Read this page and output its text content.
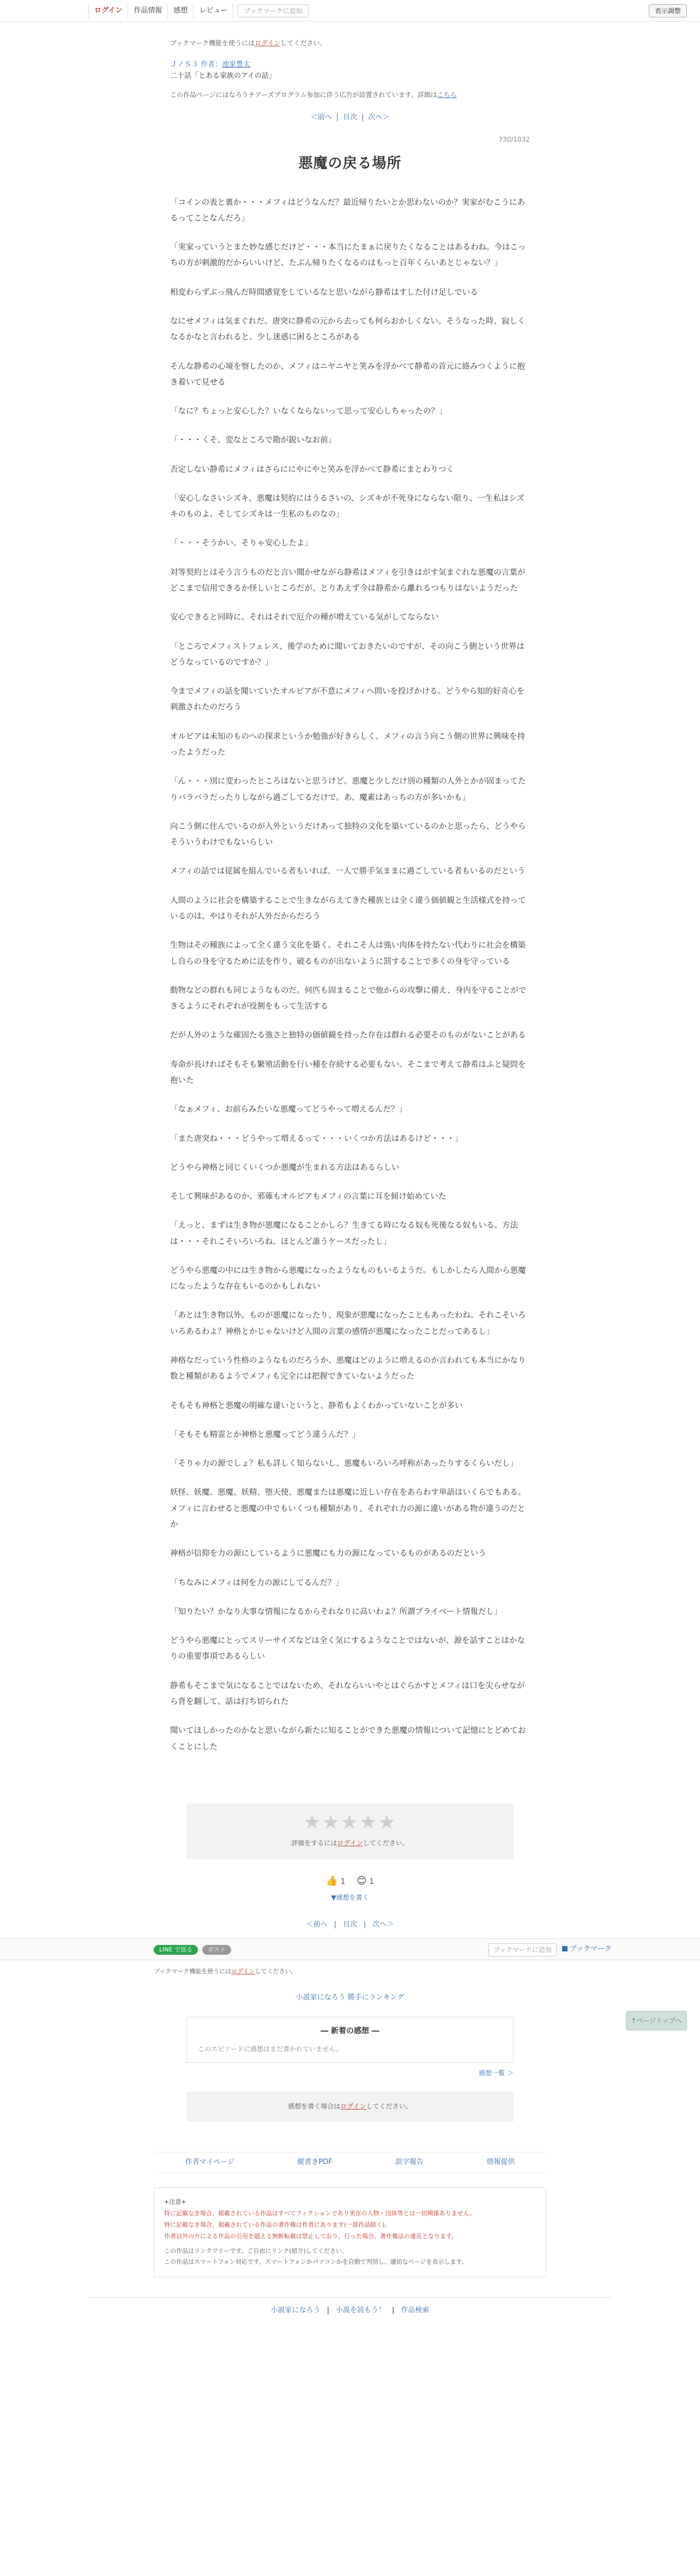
ログイン	作品情報	感想	レビュー	ブックマークに追加	表示調整

ブックマーク機能を使うにはログインしてください。

ＪノＳ３ 作者：池家豊太
二十話「とある家族のアイの話」

この作品ページにはなろうチアーズプログラム参加に伴う広告が設置されています。詳細はこちら

＜前へ | 目次 | 次へ＞
730/1032
悪魔の戻る場所

「コインの表と裏か・・・メフィはどうなんだ？最近帰りたいとか思わないのか？実家がむこうにあるってことなんだろ」

「実家っていうとまた妙な感じだけど・・・本当にたまぁに戻りたくなることはあるわね。今はこっちの方が刺激的だからいいけど、たぶん帰りたくなるのはもっと百年くらいあとじゃない？」

相変わらずぶっ飛んだ時間感覚をしているなと思いながら静希はすした付け足しでいる

なにせメフィは気まぐれだ。唐突に静希の元から去っても何らおかしくない。そうなった時、寂しくなるかなと言われると、少し迷惑に困るところがある

そんな静希の心境を察したのか、メフィはニヤニヤと笑みを浮かべて静希の首元に絡みつくように抱き着いて見せる

「なに？ちょっと安心した？いなくならないって思って安心しちゃったの？」

「・・・くそ、変なところで勘が鋭いなお前」

否定しない静希にメフィはさらににやにやと笑みを浮かべて静希にまとわりつく

「安心しなさいシズキ、悪魔は契約にはうるさいの、シズキが不死身にならない限り、一生私はシズキのものよ、そしてシズキは一生私のものなの」

「・・・そうかい、そりゃ安心したよ」

対等契約とはそう言うものだと言い聞かせながら静希はメフィを引きはがす気まぐれな悪魔の言葉がどこまで信用できるか怪しいところだが、とりあえず今は静希から離れるつもりはないようだった

安心できると同時に、それはそれで厄介の種が増えている気がしてならない

「ところでメフィストフェレス、後学のために聞いておきたいのですが、その向こう側という世界はどうなっているのですか？」

今までメフィの話を聞いていたオルビアが不意にメフィへ問いを投げかける。どうやら知的好奇心を刺激されたのだろう

オルビアは未知のものへの探求というか勉強が好きらしく、メフィの言う向こう側の世界に興味を持ったようだった

「ん・・・別に変わったところはないと思うけど。悪魔と少しだけ別の種類の人外とかが固まってたりバラバラだったりしながら過ごしてるだけで。あ、魔素はあっちの方が多いかも」

向こう側に住んでいるのが人外というだけあって独特の文化を築いているのかと思ったら、どうやらそういうわけでもないらしい

メフィの話では従属を組んでいる者もいれば、一人で勝手気ままに過ごしている者もいるのだという

人間のように社会を構築することで生きながらえてきた種族とは全く違う価値観と生活様式を持っているのは、やはりそれが人外だからだろう

生物はその種族によって全く違う文化を築く。それこそ人は強い肉体を持たない代わりに社会を構築し自らの身を守るために法を作り、破るものが出ないように罰することで多くの身を守っている

動物などの群れも同じようなものだ。何匹も固まることで他からの攻撃に備え、身内を守ることができるようにそれぞれが役割をもって生活する

だが人外のような確固たる強さと独特の価値観を持った存在は群れる必要そのものがないことがある

寿命が長ければそもそも繁殖活動を行い種を存続する必要もない。そこまで考えて静希はふと疑問を抱いた

「なぁメフィ、お前らみたいな悪魔ってどうやって増えるんだ？」

「また唐突ね・・・どうやって増えるって・・・いくつか方法はあるけど・・・」

どうやら神格と同じくいくつか悪魔が生まれる方法はあるらしい

そして興味があるのか、邪薙もオルビアもメフィの言葉に耳を傾け始めていた

「えっと、まずは生き物が悪魔になることかしら？生きてる時になる奴も死後なる奴もいる。方法は・・・それこそいろいろね、ほとんど誰うケースだったし」

どうやら悪魔の中には生き物から悪魔になったようなものもいるようだ。もしかしたら人間から悪魔になったような存在もいるのかもしれない

「あとは生き物以外。ものが悪魔になったり、現象が悪魔になったこともあったわね。それこそいろいろあるわよ？神格とかじゃないけど人間の言葉の感情が悪魔になったことだってあるし」

神格なだっていう性格のようなものだろうか、悪魔はどのように増えるのか言われても本当にかなり数と種類があるようでメフィも完全には把握できていないようだった

そもそも神格と悪魔の明確な違いというと、静希もよくわかっていないことが多い

「そもそも精霊とか神格と悪魔ってどう違うんだ？」

「そりゃ力の源でしょ？私も詳しく知らないし、悪魔もいろいろ呼称があったりするくらいだし」

妖怪、妖魔、悪魔、妖精、堕天使、悪魔または悪魔に近しい存在をあらわす単語はいくらでもある。メフィに言わせると悪魔の中でもいくつも種類があり、それぞれ力の源に違いがある物が違うのだとか

神格が信仰を力の源にしているように悪魔にも力の源になっているものがあるのだという

「ちなみにメフィは何を力の源にしてるんだ？」

「知りたい？かなり大事な情報になるからそれなりに高いわよ？所謂プライベート情報だし」

どうやら悪魔にとってスリーサイズなどは全く気にするようなことではないが、源を話すことはかなりの重要事項であるらしい

静希もそこまで気になることではないため、それならいいやとはぐらかすとメフィは口を尖らせながら背を翻して、話は打ち切られた

聞いてほしかったのかなと思いながら新たに知ることができた悪魔の情報について記憶にとどめておくことにした

↑ページトップへ
★★★★★
評価をするにはログインしてください。
👍 1 😊 1
▼感想を書く
＜前へ | 目次 | 次へ＞
LINE で送る	ポスト	ブックマークに追加	ブックマーク

ブックマーク機能を使うにはログインしてください。

小説家になろう 勝手にランキング
― 新着の感想 ―
このエピソードに感想はまだ書かれていません。
感想一覧 ＞
感想を書く場合はログインしてください。
作者マイページ	縦書きPDF	誤字報告	情報提供
+注意+
特に記載なき場合、掲載されている作品はすべてフィクションであり実在の人物・団体等とは一切関係ありません。
特に記載なき場合、掲載されている作品の著作権は作者にあります(一部作品除く)。
作者以外の方による作品の引用を超える無断転載は禁止しており、行った場合、著作権法の違反となります。
この作品はリンクフリーです。ご自由にリンク(紹介)してください。
この作品はスマートフォン対応です。スマートフォンかパソコンかを自動で判別し、適切なページを表示します。
小説家になろう | 小説を読もう！ | 作品検索
